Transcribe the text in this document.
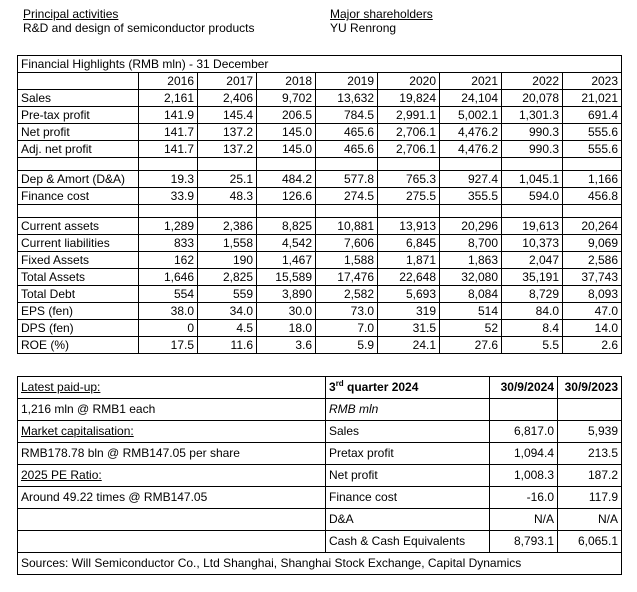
Principal activities
R&D and design of semiconductor products
Major shareholders
YU Renrong
Financial Highlights (RMB mln) - 31 December								
	2016	2017	2018	2019	2020	2021	2022	2023
Sales	2,161	2,406	9,702	13,632	19,824	24,104	20,078	21,021
Pre-tax profit	141.9	145.4	206.5	784.5	2,991.1	5,002.1	1,301.3	691.4
Net profit	141.7	137.2	145.0	465.6	2,706.1	4,476.2	990.3	555.6
Adj. net profit	141.7	137.2	145.0	465.6	2,706.1	4,476.2	990.3	555.6

Dep & Amort (D&A)	19.3	25.1	484.2	577.8	765.3	927.4	1,045.1	1,166
Finance cost	33.9	48.3	126.6	274.5	275.5	355.5	594.0	456.8

Current assets	1,289	2,386	8,825	10,881	13,913	20,296	19,613	20,264
Current liabilities	833	1,558	4,542	7,606	6,845	8,700	10,373	9,069
Fixed Assets	162	190	1,467	1,588	1,871	1,863	2,047	2,586
Total Assets	1,646	2,825	15,589	17,476	22,648	32,080	35,191	37,743
Total Debt	554	559	3,890	2,582	5,693	8,084	8,729	8,093
EPS (fen)	38.0	34.0	30.0	73.0	319	514	84.0	47.0
DPS (fen)	0	4.5	18.0	7.0	31.5	52	8.4	14.0
ROE (%)	17.5	11.6	3.6	5.9	24.1	27.6	5.5	2.6
Latest paid-up:	3rd quarter 2024	30/9/2024	30/9/2023
1,216 mln @ RMB1 each	RMB mln		
Market capitalisation:	Sales	6,817.0	5,939
RMB178.78 bln @ RMB147.05 per share	Pretax profit	1,094.4	213.5
2025 PE Ratio:	Net profit	1,008.3	187.2
Around 49.22 times @ RMB147.05	Finance cost	-16.0	117.9
	D&A	N/A	N/A
	Cash & Cash Equivalents	8,793.1	6,065.1
Sources: Will Semiconductor Co., Ltd Shanghai, Shanghai Stock Exchange, Capital Dynamics			
